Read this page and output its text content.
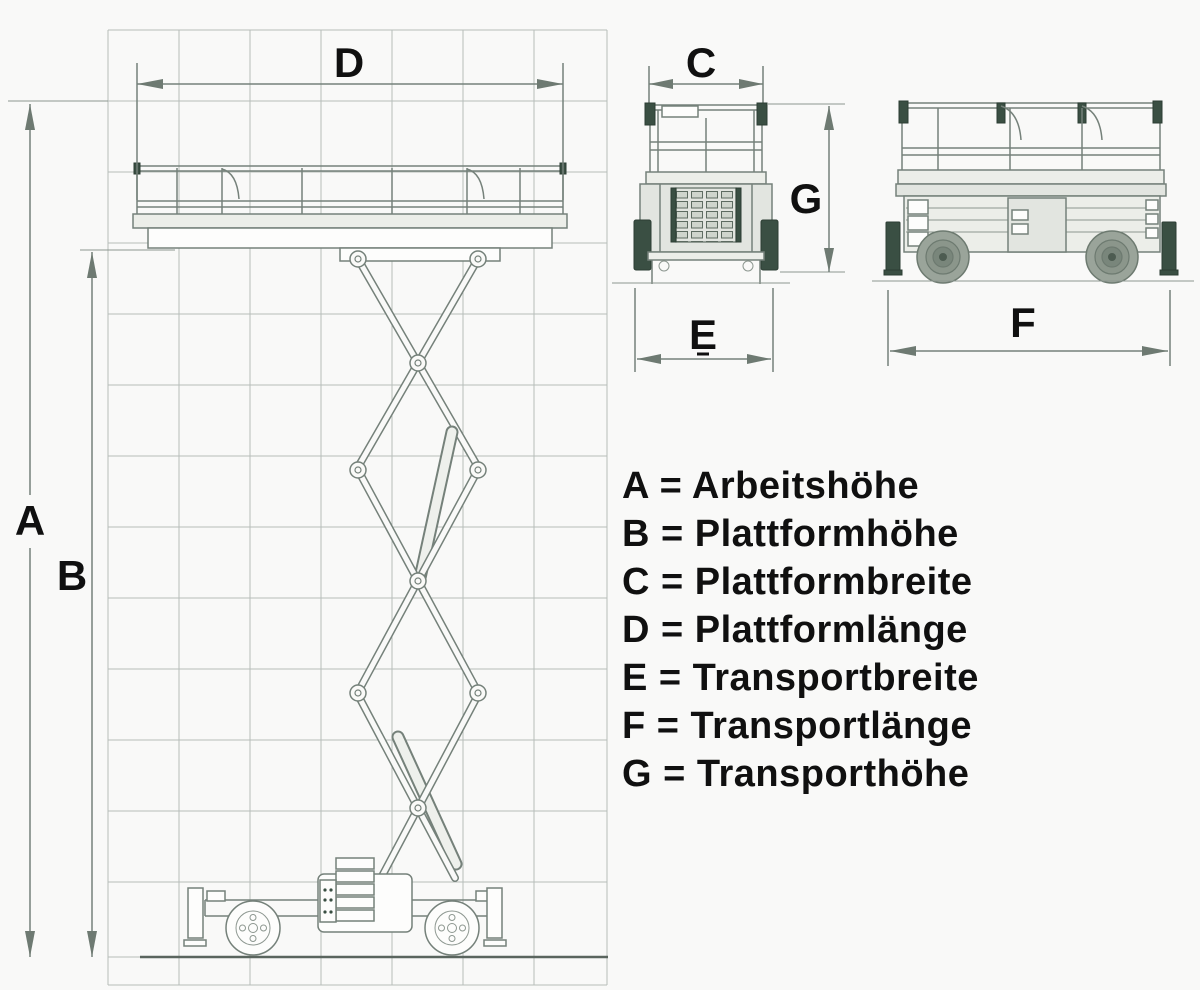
A
B
D	C
G
E	F
A = Arbeitshöhe
B = Plattformhöhe
C = Plattformbreite
D = Plattformlänge
E = Transportbreite
F = Transportlänge
G = Transporthöhe
